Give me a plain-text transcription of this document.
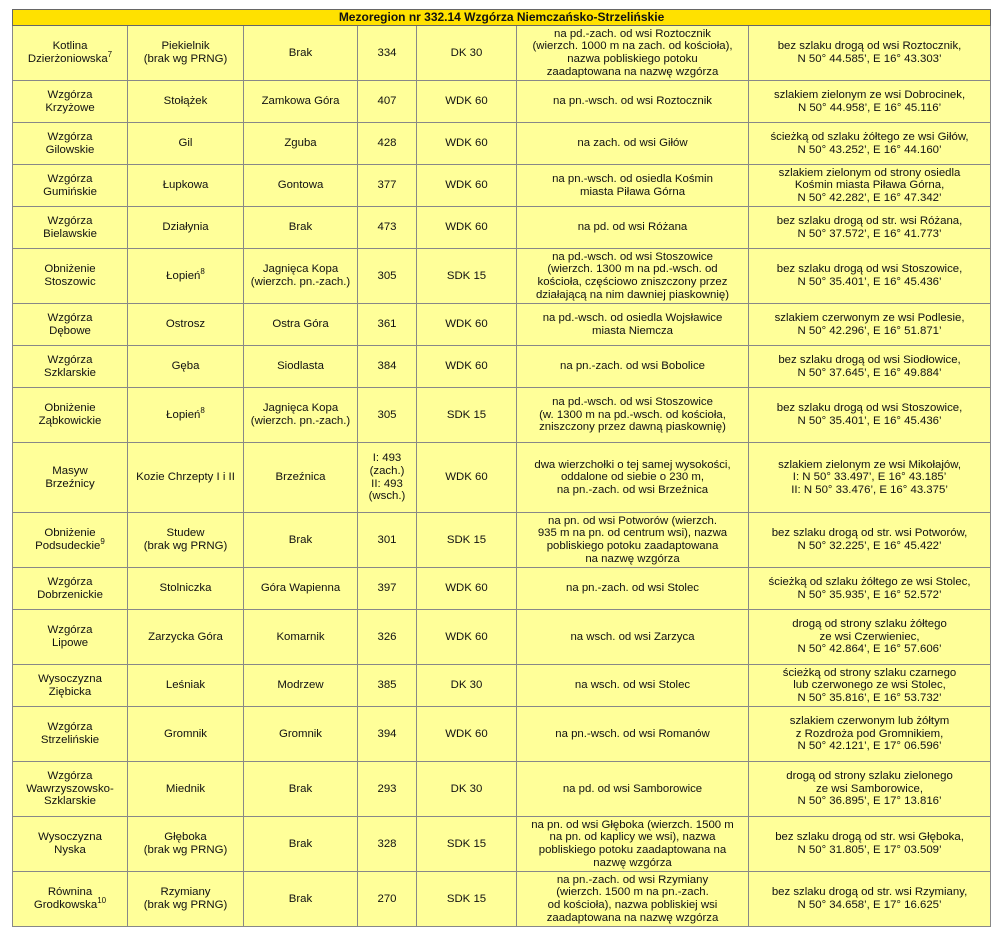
Mezoregion nr 332.14 Wzgórza Niemczańsko-Strzelińskie						
Kotlina
Dzierżoniowska$^7$	Piekielnik
(brak wg PRNG)	Brak	334	DK 30	na pd.-zach. od wsi Roztocznik
(wierzch. 1000 m na zach. od kościoła),
nazwa pobliskiego potoku
zaadaptowana na nazwę wzgórza	bez szlaku drogą od wsi Roztocznik,
N 50° 44.585’, E 16° 43.303’
Wzgórza
Krzyżowe	Stołążek	Zamkowa Góra	407	WDK 60	na pn.-wsch. od wsi Roztocznik	szlakiem zielonym ze wsi Dobrocinek,
N 50° 44.958’, E 16° 45.116’
Wzgórza
Gilowskie	Gil	Zguba	428	WDK 60	na zach. od wsi Giłów	ścieżką od szlaku żółtego ze wsi Giłów,
N 50° 43.252’, E 16° 44.160’
Wzgórza
Gumińskie	Łupkowa	Gontowa	377	WDK 60	na pn.-wsch. od osiedla Kośmin
miasta Piława Górna	szlakiem zielonym od strony osiedla
Kośmin miasta Piława Górna,
N 50° 42.282’, E 16° 47.342’
Wzgórza
Bielawskie	Działynia	Brak	473	WDK 60	na pd. od wsi Różana	bez szlaku drogą od str. wsi Różana,
N 50° 37.572’, E 16° 41.773’
Obniżenie
Stoszowic	Łopień$^8$	Jagnięca Kopa
(wierzch. pn.-zach.)	305	SDK 15	na pd.-wsch. od wsi Stoszowice
(wierzch. 1300 m na pd.-wsch. od
kościoła, częściowo zniszczony przez
działającą na nim dawniej piaskownię)	bez szlaku drogą od wsi Stoszowice,
N 50° 35.401’, E 16° 45.436’
Wzgórza
Dębowe	Ostrosz	Ostra Góra	361	WDK 60	na pd.-wsch. od osiedla Wojsławice
miasta Niemcza	szlakiem czerwonym ze wsi Podlesie,
N 50° 42.296’, E 16° 51.871’
Wzgórza
Szklarskie	Gęba	Siodlasta	384	WDK 60	na pn.-zach. od wsi Bobolice	bez szlaku drogą od wsi Siodłowice,
N 50° 37.645’, E 16° 49.884’
Obniżenie
Ząbkowickie	Łopień$^8$	Jagnięca Kopa
(wierzch. pn.-zach.)	305	SDK 15	na pd.-wsch. od wsi Stoszowice
(w. 1300 m na pd.-wsch. od kościoła,
zniszczony przez dawną piaskownię)	bez szlaku drogą od wsi Stoszowice,
N 50° 35.401’, E 16° 45.436’
Masyw
Brzeźnicy	Kozie Chrzepty I i II	Brzeźnica	I: 493
(zach.)
II: 493
(wsch.)	WDK 60	dwa wierzchołki o tej samej wysokości,
oddalone od siebie o 230 m,
na pn.-zach. od wsi Brzeźnica	szlakiem zielonym ze wsi Mikołajów,
I: N 50° 33.497’, E 16° 43.185’
II: N 50° 33.476’, E 16° 43.375’
Obniżenie
Podsudeckie$^9$	Studew
(brak wg PRNG)	Brak	301	SDK 15	na pn. od wsi Potworów (wierzch.
935 m na pn. od centrum wsi), nazwa
pobliskiego potoku zaadaptowana
na nazwę wzgórza	bez szlaku drogą od str. wsi Potworów,
N 50° 32.225’, E 16° 45.422’
Wzgórza
Dobrzenickie	Stolniczka	Góra Wapienna	397	WDK 60	na pn.-zach. od wsi Stolec	ścieżką od szlaku żółtego ze wsi Stolec,
N 50° 35.935’, E 16° 52.572’
Wzgórza
Lipowe	Zarzycka Góra	Komarnik	326	WDK 60	na wsch. od wsi Zarzyca	drogą od strony szlaku żółtego
ze wsi Czerwieniec,
N 50° 42.864’, E 16° 57.606’
Wysoczyzna
Ziębicka	Leśniak	Modrzew	385	DK 30	na wsch. od wsi Stolec	ścieżką od strony szlaku czarnego
lub czerwonego ze wsi Stolec,
N 50° 35.816’, E 16° 53.732’
Wzgórza
Strzelińskie	Gromnik	Gromnik	394	WDK 60	na pn.-wsch. od wsi Romanów	szlakiem czerwonym lub żółtym
z Rozdroża pod Gromnikiem,
N 50° 42.121’, E 17° 06.596’
Wzgórza
Wawrzyszowsko-
Szklarskie	Miednik	Brak	293	DK 30	na pd. od wsi Samborowice	drogą od strony szlaku zielonego
ze wsi Samborowice,
N 50° 36.895’, E 17° 13.816’
Wysoczyzna
Nyska	Głęboka
(brak wg PRNG)	Brak	328	SDK 15	na pn. od wsi Głęboka (wierzch. 1500 m
na pn. od kaplicy we wsi), nazwa
pobliskiego potoku zaadaptowana na
nazwę wzgórza	bez szlaku drogą od str. wsi Głęboka,
N 50° 31.805’, E 17° 03.509’
Równina
Grodkowska$^{10}$	Rzymiany
(brak wg PRNG)	Brak	270	SDK 15	na pn.-zach. od wsi Rzymiany
(wierzch. 1500 m na pn.-zach.
od kościoła), nazwa pobliskiej wsi
zaadaptowana na nazwę wzgórza	bez szlaku drogą od str. wsi Rzymiany,
N 50° 34.658’, E 17° 16.625’
